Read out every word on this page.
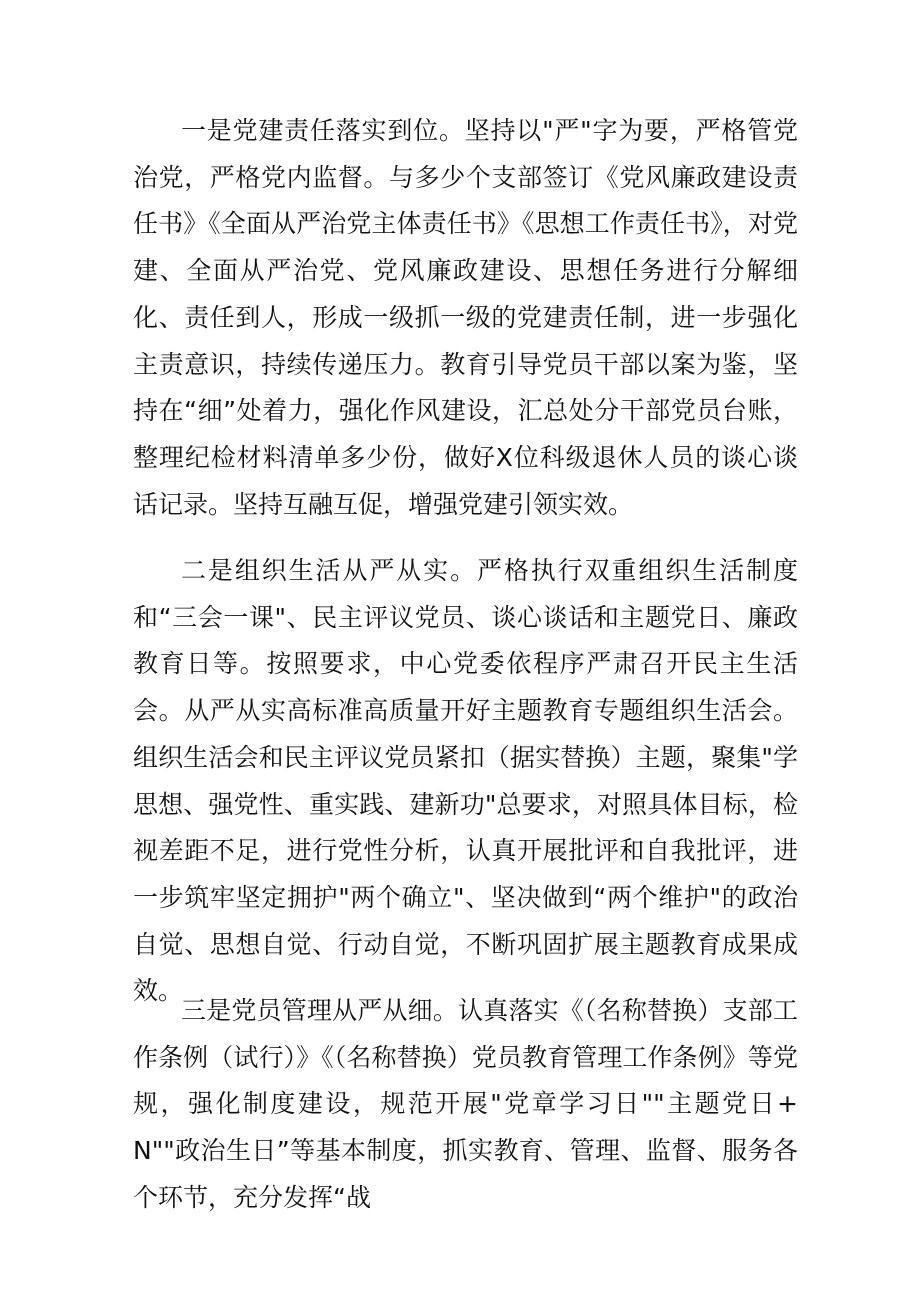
一是党建责任落实到位。坚持以"严"字为要，严格管党治党，严格党内监督。与多少个支部签订《党风廉政建设责任书》《全面从严治党主体责任书》《思想工作责任书》，对党建、全面从严治党、党风廉政建设、思想任务进行分解细化、责任到人，形成一级抓一级的党建责任制，进一步强化主责意识，持续传递压力。教育引导党员干部以案为鉴，坚持在“细”处着力，强化作风建设，汇总处分干部党员台账，整理纪检材料清单多少份，做好X位科级退休人员的谈心谈话记录。坚持互融互促，增强党建引领实效。

二是组织生活从严从实。严格执行双重组织生活制度和“三会一课"、民主评议党员、谈心谈话和主题党日、廉政教育日等。按照要求，中心党委依程序严肃召开民主生活会。从严从实高标准高质量开好主题教育专题组织生活会。组织生活会和民主评议党员紧扣（据实替换）主题，聚集"学思想、强党性、重实践、建新功"总要求，对照具体目标，检视差距不足，进行党性分析，认真开展批评和自我批评，进一步筑牢坚定拥护"两个确立"、坚决做到“两个维护"的政治自觉、思想自觉、行动自觉，不断巩固扩展主题教育成果成效。

三是党员管理从严从细。认真落实《（名称替换）支部工作条例（试行）》《（名称替换）党员教育管理工作条例》等党规，强化制度建设，规范开展"党章学习日""主题党日+N""政治生日”等基本制度，抓实教育、管理、监督、服务各个环节，充分发挥“战
